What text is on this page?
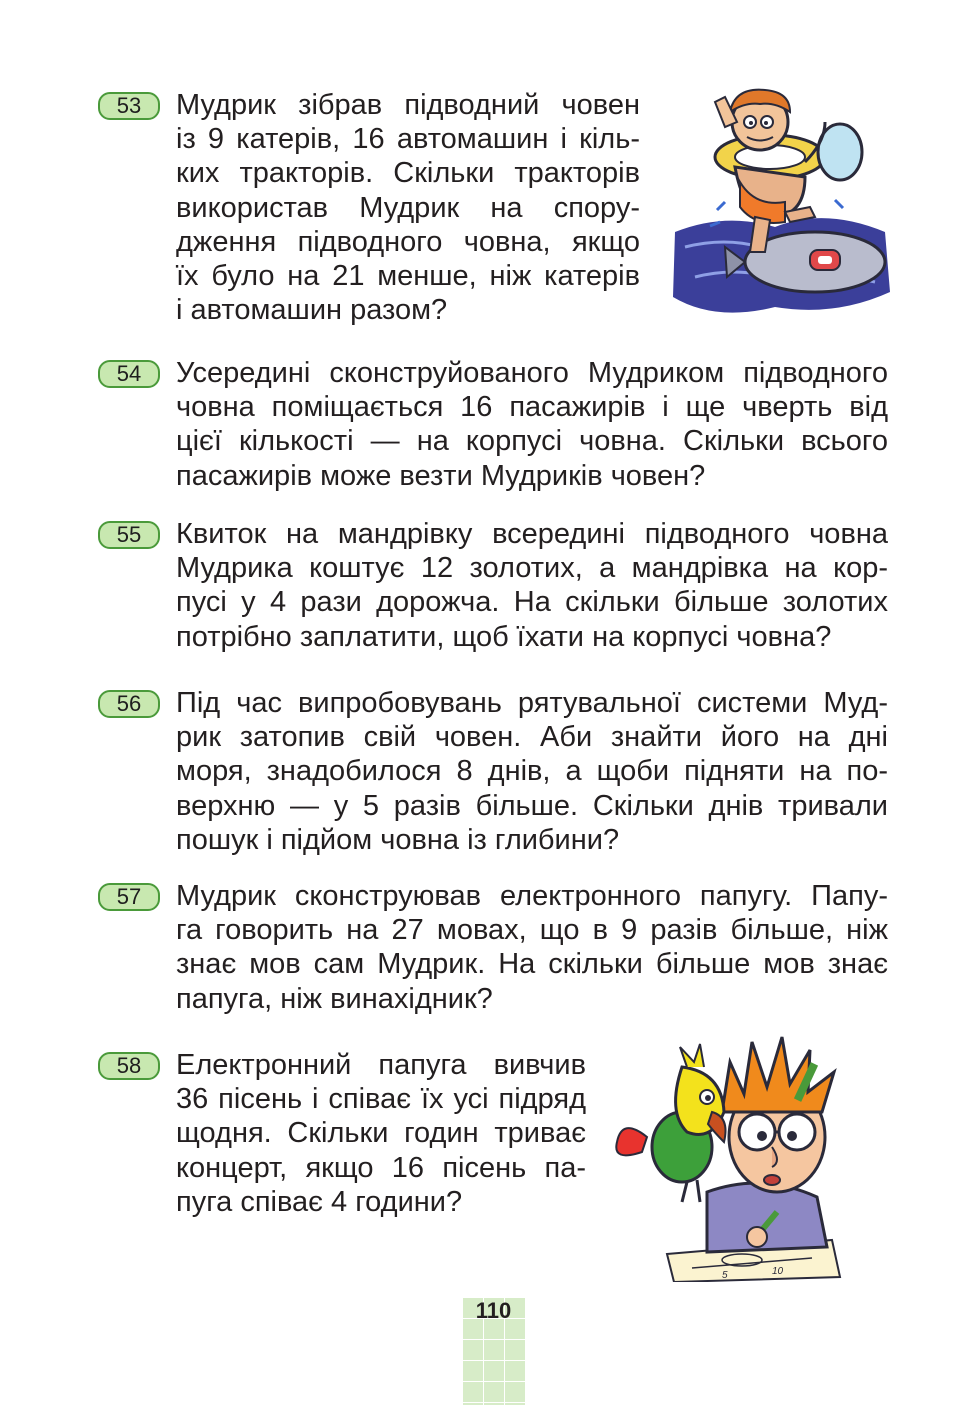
53	Мудрик зібрав підводний човен
із 9 катерів, 16 автомашин і кіль-
ких тракторів. Скільки тракторів
використав Мудрик на спору-
дження підводного човна, якщо
їх було на 21 менше, ніж катерів
і автомашин разом?
54	Усередині сконструйованого Мудриком підводного
човна поміщається 16 пасажирів і ще чверть від
цієї кількості — на корпусі човна. Скільки всього
пасажирів може везти Мудриків човен?
55	Квиток на мандрівку всередині підводного човна
Мудрика коштує 12 золотих, а мандрівка на кор-
пусі у 4 рази дорожча. На скільки більше золотих
потрібно заплатити, щоб їхати на корпусі човна?
56	Під час випробовувань рятувальної системи Муд-
рик затопив свій човен. Аби знайти його на дні
моря, знадобилося 8 днів, а щоби підняти на по-
верхню — у 5 разів більше. Скільки днів тривали
пошук і підйом човна із глибини?
57	Мудрик сконструював електронного папугу. Папу-
га говорить на 27 мовах, що в 9 разів більше, ніж
знає мов сам Мудрик. На скільки більше мов знає
папуга, ніж винахідник?
58	Електронний папуга вивчив
36 пісень і співає їх усі підряд
щодня. Скільки годин триває
концерт, якщо 16 пісень па-
пуга співає 4 години?
5	10
110
